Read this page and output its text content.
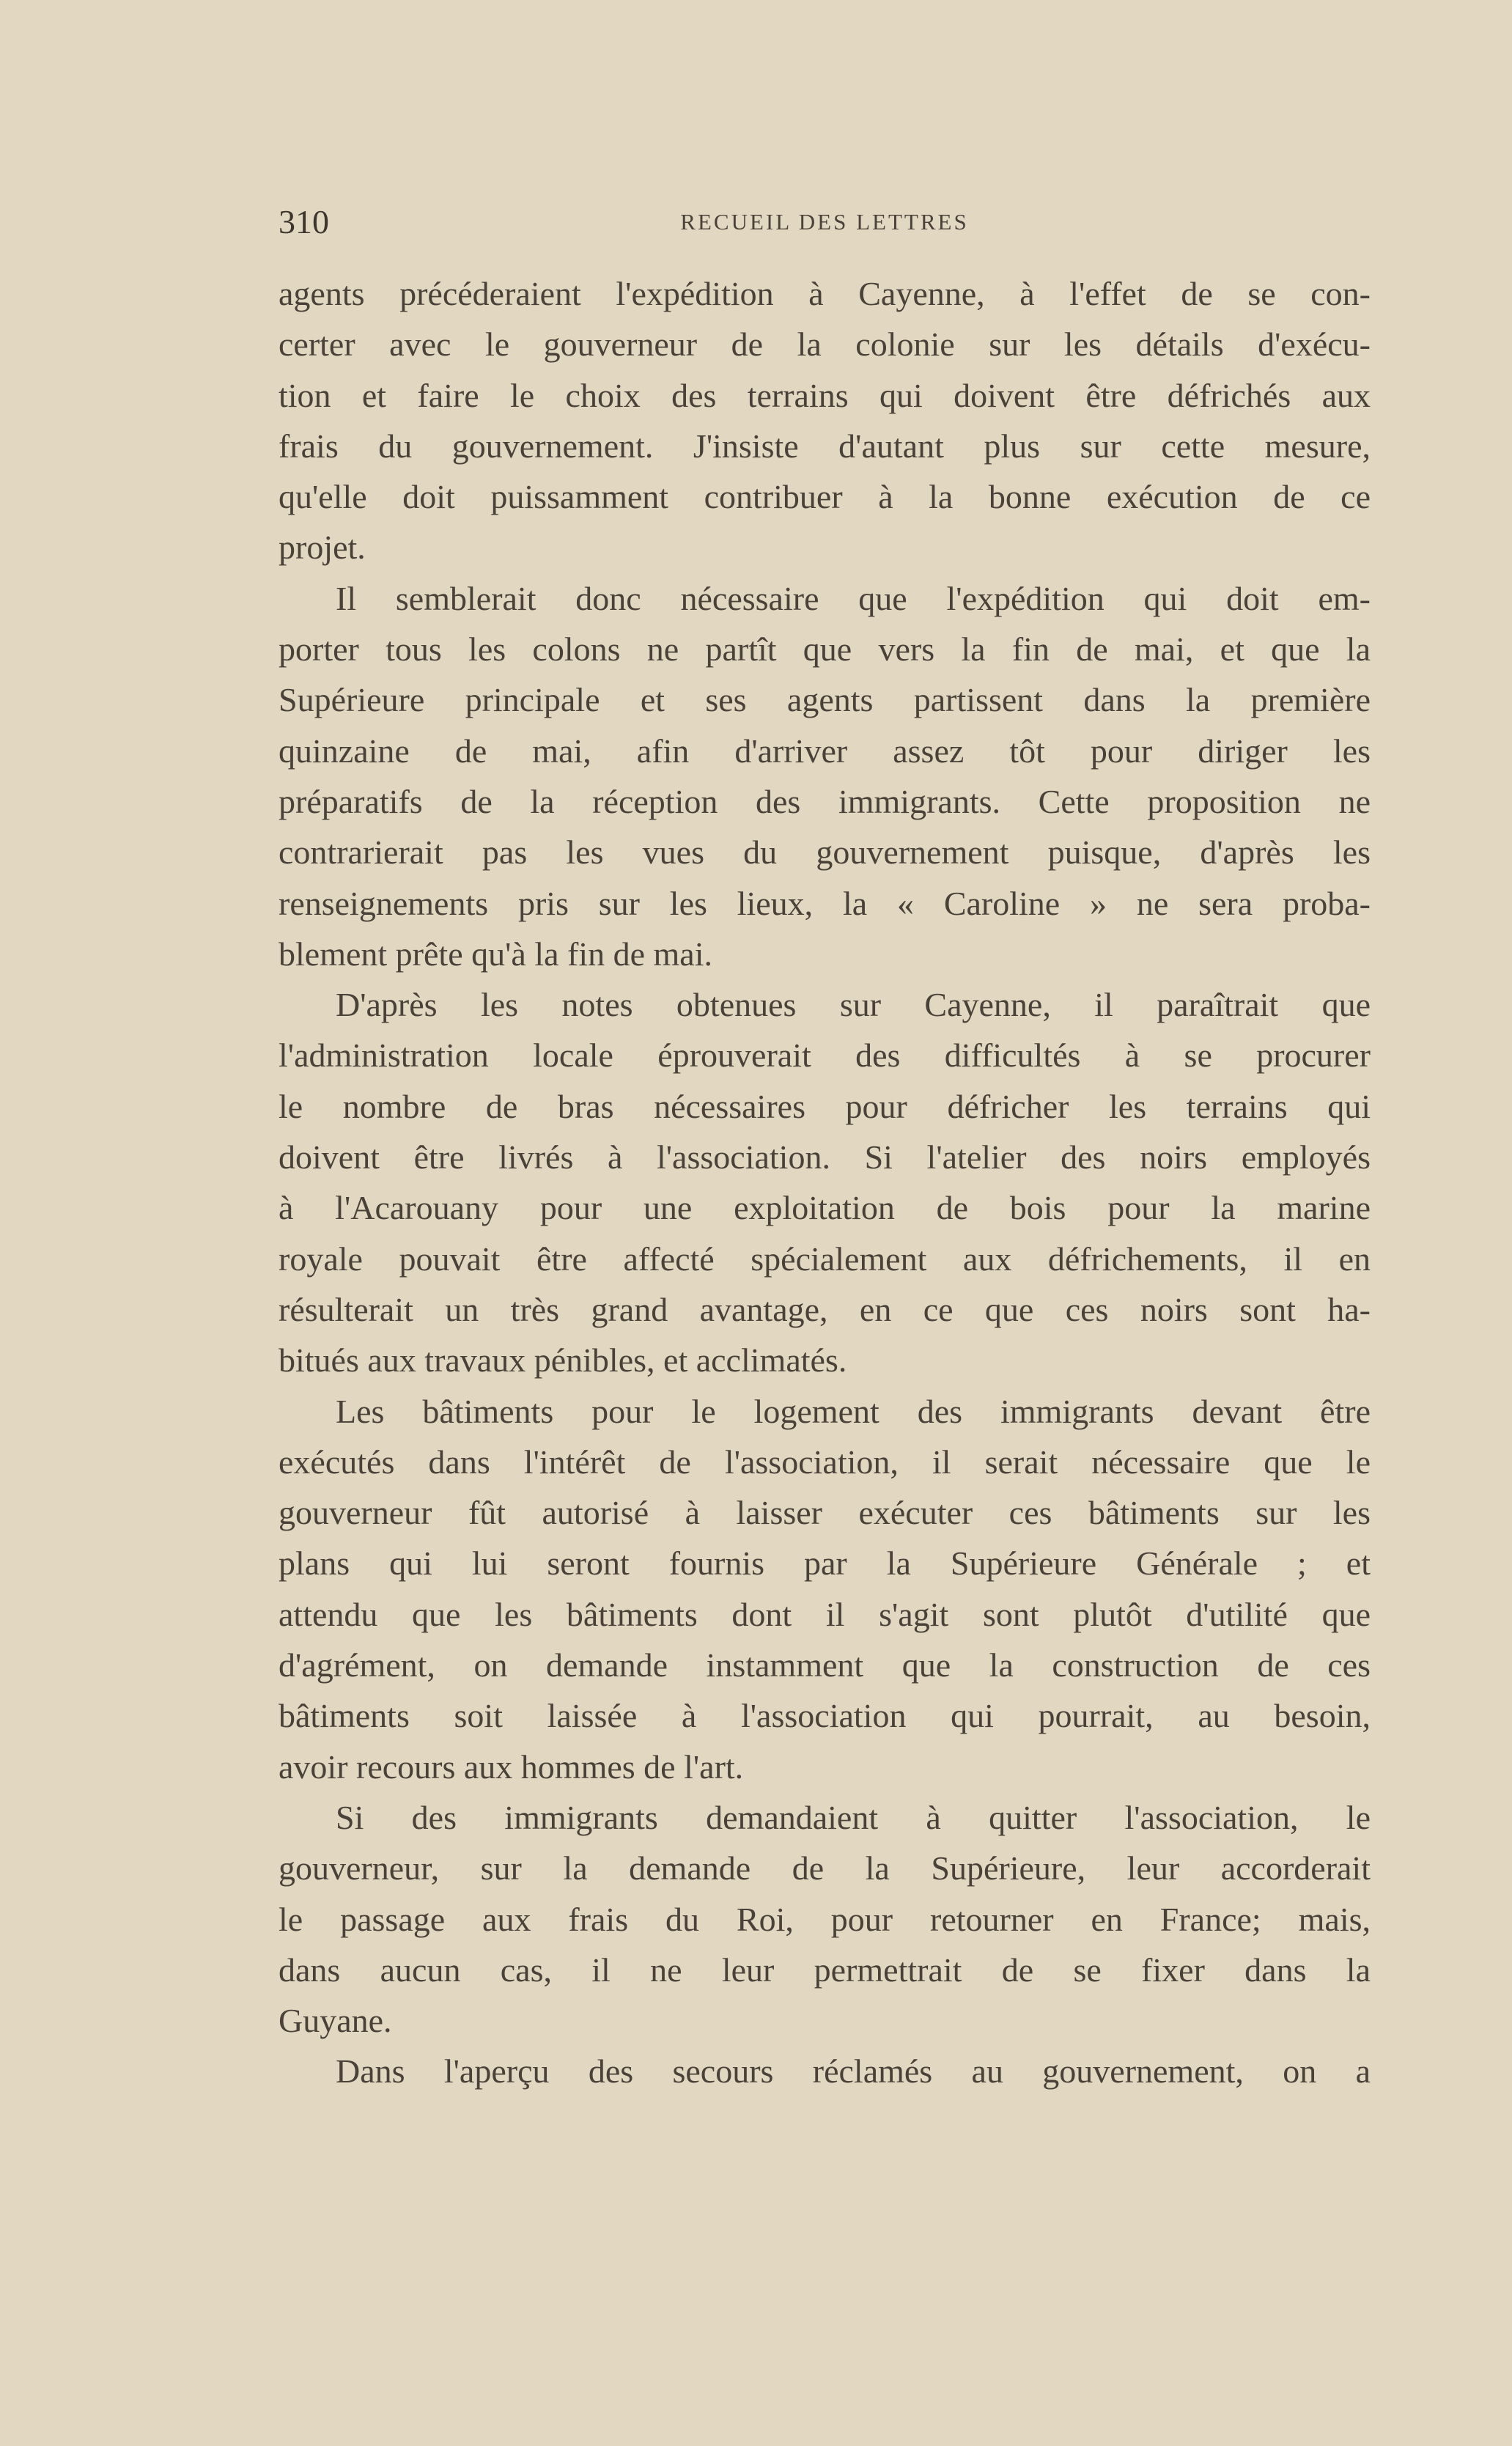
310	RECUEIL DES LETTRES
agents précéderaient l'expédition à Cayenne, à l'effet de se con-
certer avec le gouverneur de la colonie sur les détails d'exécu-
tion et faire le choix des terrains qui doivent être défrichés aux
frais du gouvernement. J'insiste d'autant plus sur cette mesure,
qu'elle doit puissamment contribuer à la bonne exécution de ce
projet.
Il semblerait donc nécessaire que l'expédition qui doit em-
porter tous les colons ne partît que vers la fin de mai, et que la
Supérieure principale et ses agents partissent dans la première
quinzaine de mai, afin d'arriver assez tôt pour diriger les
préparatifs de la réception des immigrants. Cette proposition ne
contrarierait pas les vues du gouvernement puisque, d'après les
renseignements pris sur les lieux, la « Caroline » ne sera proba-
blement prête qu'à la fin de mai.
D'après les notes obtenues sur Cayenne, il paraîtrait que
l'administration locale éprouverait des difficultés à se procurer
le nombre de bras nécessaires pour défricher les terrains qui
doivent être livrés à l'association. Si l'atelier des noirs employés
à l'Acarouany pour une exploitation de bois pour la marine
royale pouvait être affecté spécialement aux défrichements, il en
résulterait un très grand avantage, en ce que ces noirs sont ha-
bitués aux travaux pénibles, et acclimatés.
Les bâtiments pour le logement des immigrants devant être
exécutés dans l'intérêt de l'association, il serait nécessaire que le
gouverneur fût autorisé à laisser exécuter ces bâtiments sur les
plans qui lui seront fournis par la Supérieure Générale ; et
attendu que les bâtiments dont il s'agit sont plutôt d'utilité que
d'agrément, on demande instamment que la construction de ces
bâtiments soit laissée à l'association qui pourrait, au besoin,
avoir recours aux hommes de l'art.
Si des immigrants demandaient à quitter l'association, le
gouverneur, sur la demande de la Supérieure, leur accorderait
le passage aux frais du Roi, pour retourner en France; mais,
dans aucun cas, il ne leur permettrait de se fixer dans la
Guyane.
Dans l'aperçu des secours réclamés au gouvernement, on a
